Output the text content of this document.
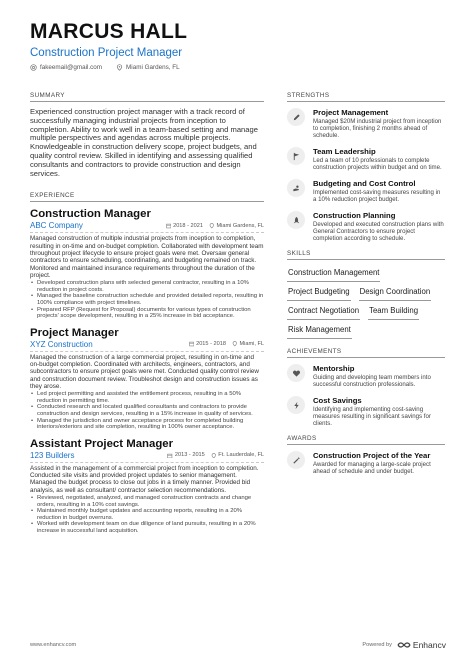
MARCUS HALL
Construction Project Manager
fakeemail@gmail.com	Miami Gardens, FL
SUMMARY
Experienced construction project manager with a track record of successfully managing industrial projects from inception to completion. Ability to work well in a team-based setting and manage multiple perspectives and agendas across multiple projects. Knowledgeable in construction delivery scope, project budgets, and quality control review. Skilled in identifying and assessing qualified consultants and contractors to provide construction and design services.
EXPERIENCE
Construction Manager
ABC Company	2018 - 2021 Miami Gardens, FL
Managed construction of multiple industrial projects from inception to completion, resulting in on-time and on-budget completion. Collaborated with development team throughout project lifecycle to ensure project goals were met. Oversaw general contractors to ensure scheduling, coordinating, and budgeting remained on track. Monitored and maintained insurance requirements throughout the duration of the project.
• Developed construction plans with selected general contractor, resulting in a 10% reduction in project costs.
• Managed the baseline construction schedule and provided detailed reports, resulting in 100% compliance with project timelines.
• Prepared RFP (Request for Proposal) documents for various types of construction projects' scope development, resulting in a 25% increase in bid acceptance.
Project Manager
XYZ Construction	2015 - 2018 Miami, FL
Managed the construction of a large commercial project, resulting in on-time and on-budget completion. Coordinated with architects, engineers, contractors, and subcontractors to ensure project goals were met. Conducted quality control review and construction document review. Troubleshot design and construction issues as they arose.
• Led project permitting and assisted the entitlement process, resulting in a 50% reduction in permitting time.
• Conducted research and located qualified consultants and contractors to provide construction and design services, resulting in a 15% increase in quality of services.
• Managed the jurisdiction and owner acceptance process for completed building interiors/exteriors and site completion, resulting in 100% owner acceptance.
Assistant Project Manager
123 Builders	2013 - 2015 Ft. Lauderdale, FL
Assisted in the management of a commercial project from inception to completion. Conducted site visits and provided project updates to senior management. Managed the budget process to close out jobs in a timely manner. Provided bid analysis, as well as consultant/ contractor selection recommendations.
• Reviewed, negotiated, analyzed, and managed construction contracts and change orders, resulting in a 10% cost savings.
• Maintained monthly budget updates and accounting reports, resulting in a 20% reduction in budget overruns.
• Worked with development team on due diligence of land pursuits, resulting in a 20% increase in successful land acquisition.
STRENGTHS
Project Management
Managed $20M industrial project from inception to completion, finishing 2 months ahead of schedule.
Team Leadership
Led a team of 10 professionals to complete construction projects within budget and on time.
Budgeting and Cost Control
Implemented cost-saving measures resulting in a 10% reduction project budget.
Construction Planning
Developed and executed construction plans with General Contractors to ensure project completion according to schedule.
SKILLS
Construction Management
Project Budgeting Design Coordination
Contract Negotiation Team Building
Risk Management
ACHIEVEMENTS
Mentorship
Guiding and developing team members into successful construction professionals.
Cost Savings
Identifying and implementing cost-saving measures resulting in significant savings for clients.
AWARDS
Construction Project of the Year
Awarded for managing a large-scale project ahead of schedule and under budget.
www.enhancv.com	Powered by Enhancv
